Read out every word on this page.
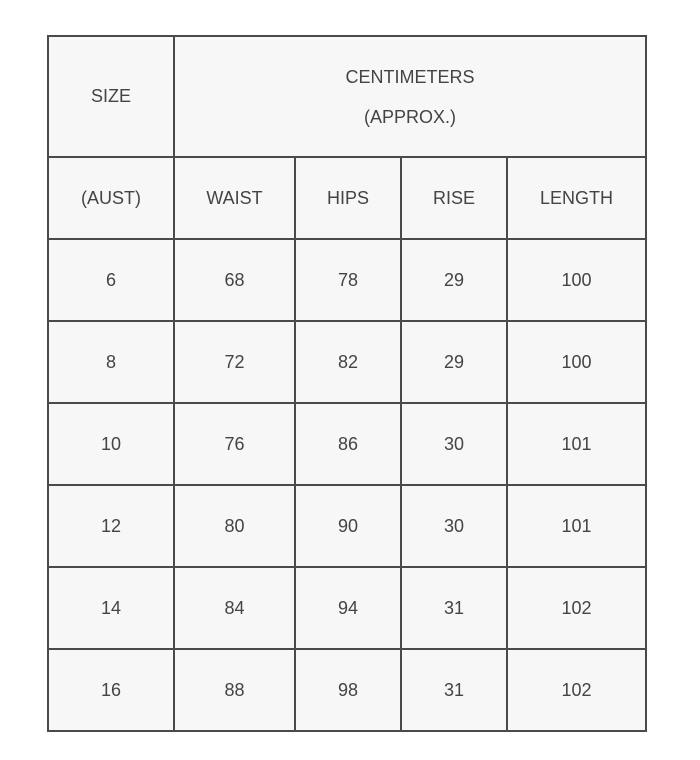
SIZE	CENTIMETERS
(APPROX.)			

(AUST)	WAIST	HIPS	RISE	LENGTH
6	68	78	29	100
8	72	82	29	100
10	76	86	30	101
12	80	90	30	101
14	84	94	31	102
16	88	98	31	102
